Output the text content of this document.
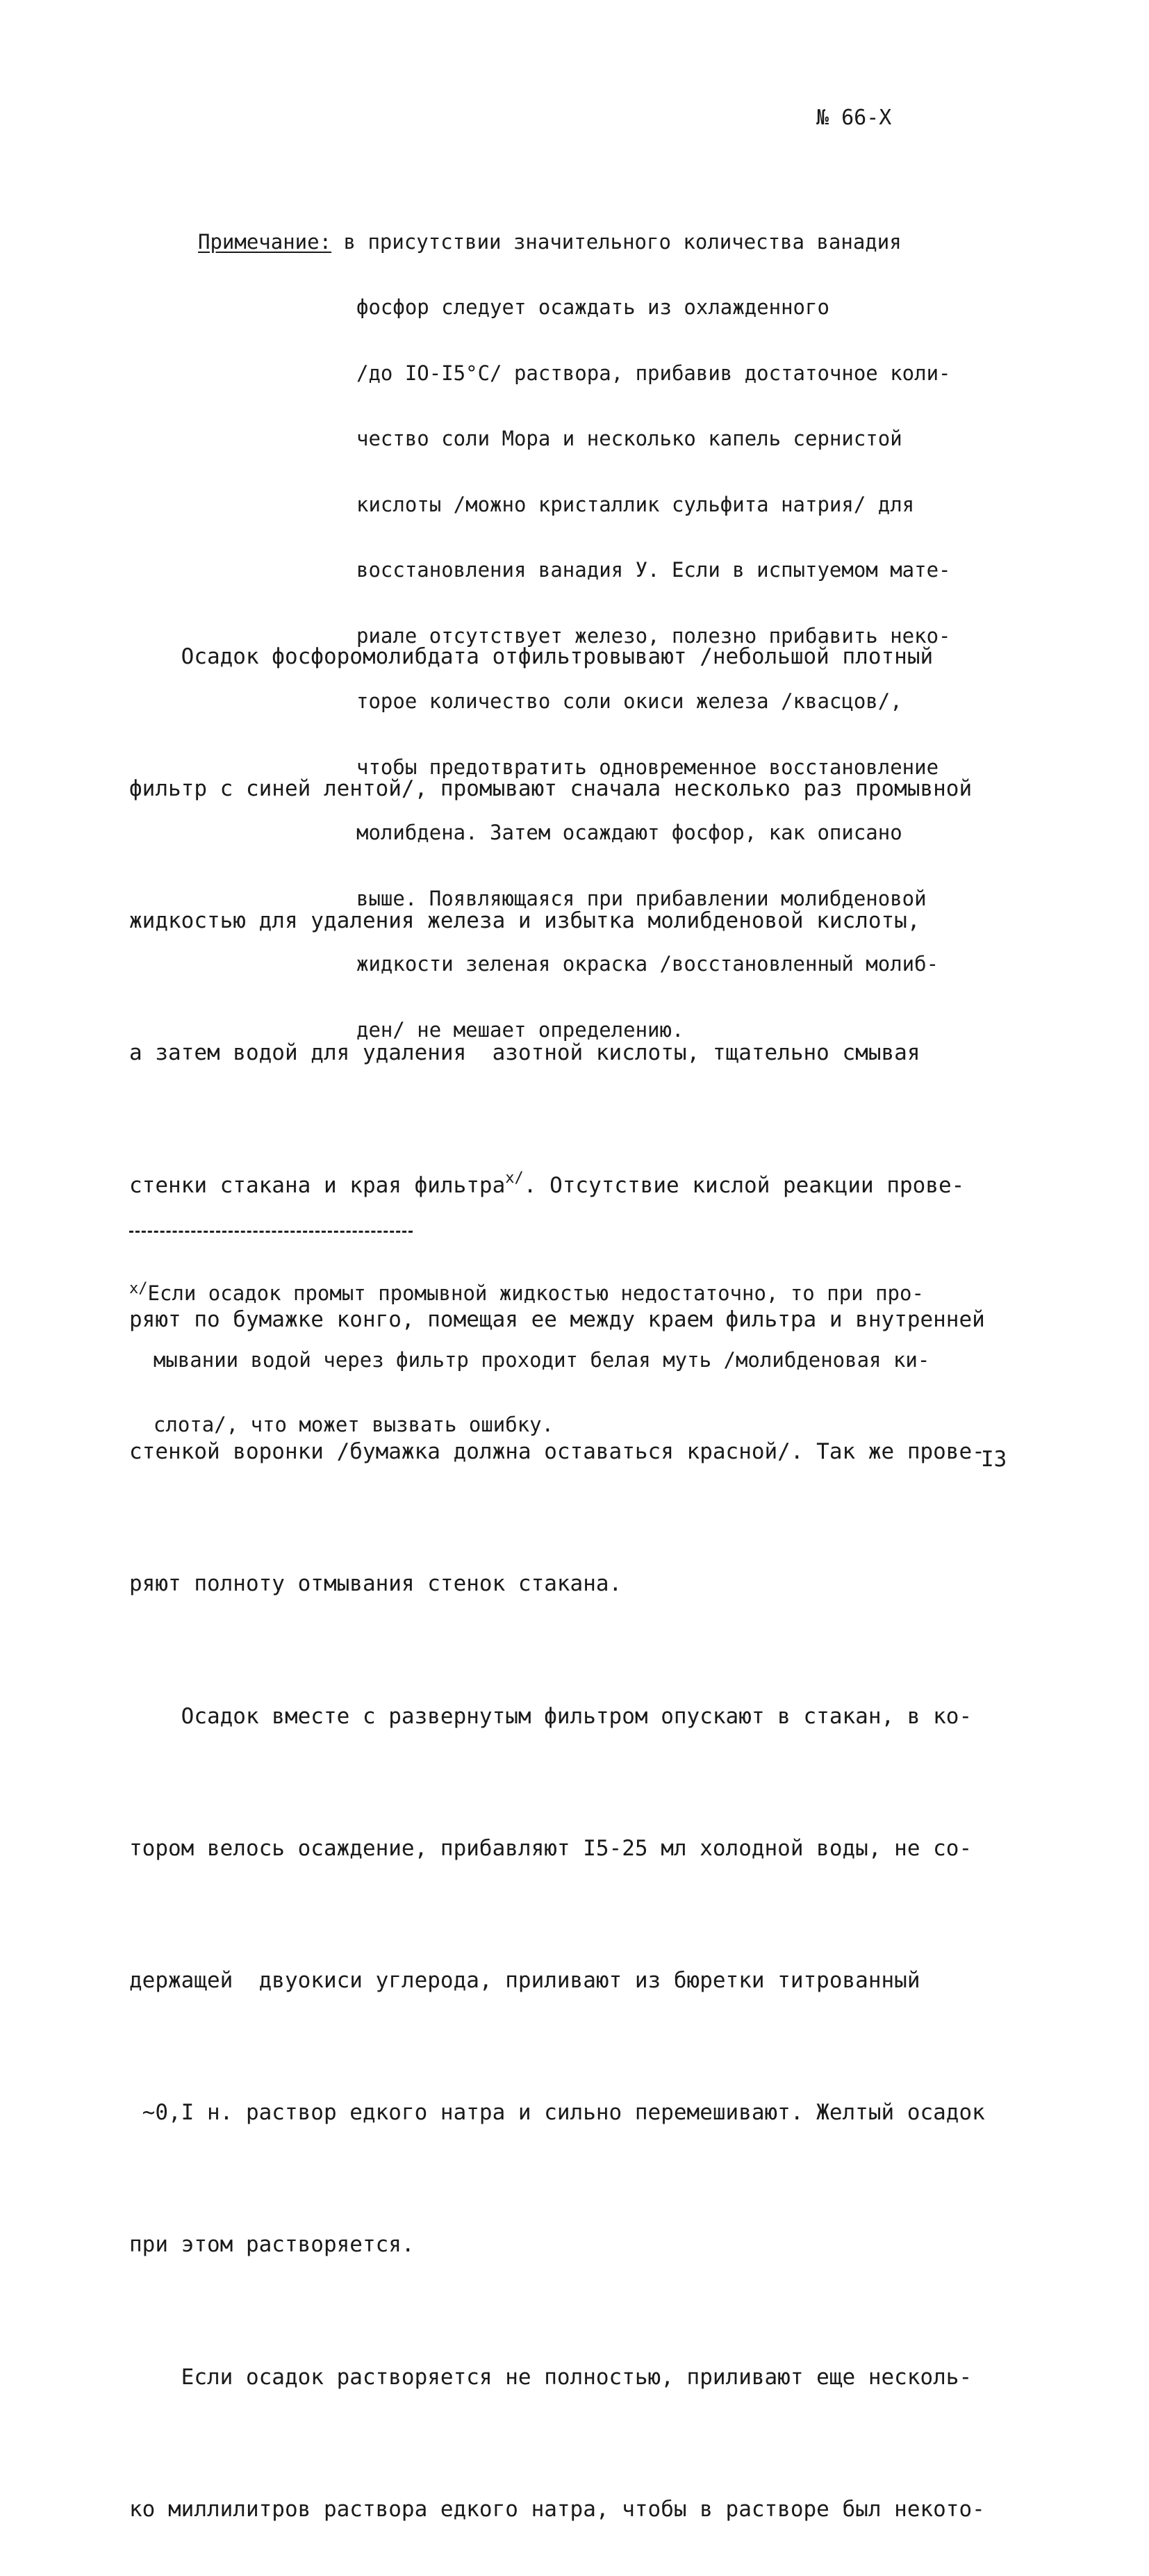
№ 66-Х
Примечание: в присутствии значительного количества ванадия

фосфор следует осаждать из охлажденного

/до IO-I5°С/ раствора, прибавив достаточное коли-

чество соли Мора и несколько капель сернистой

кислоты /можно кристаллик сульфита натрия/ для

восстановления ванадия У. Если в испытуемом мате-

риале отсутствует железо, полезно прибавить неко-

торое количество соли окиси железа /квасцов/,

чтобы предотвратить одновременное восстановление

молибдена. Затем осаждают фосфор, как описано

выше. Появляющаяся при прибавлении молибденовой

жидкости зеленая окраска /восстановленный молиб-

ден/ не мешает определению.

Осадок фосфоромолибдата отфильтровывают /небольшой плотный

фильтр с синей лентой/, промывают сначала несколько раз промывной

жидкостью для удаления железа и избытка молибденовой кислоты,

а затем водой для удаления  азотной кислоты, тщательно смывая

стенки стакана и края фильтра$^{х/}$. Отсутствие кислой реакции прове-

ряют по бумажке конго, помещая ее между краем фильтра и внутренней

стенкой воронки /бумажка должна оставаться красной/. Так же прове-

ряют полноту отмывания стенок стакана.

Осадок вместе с развернутым фильтром опускают в стакан, в ко-

тором велось осаждение, прибавляют I5-25 мл холодной воды, не со-

держащей  двуокиси углерода, приливают из бюретки титрованный

~0,I н. раствор едкого натра и сильно перемешивают. Желтый осадок

при этом растворяется.

Если осадок растворяется не полностью, приливают еще несколь-

ко миллилитров раствора едкого натра, чтобы в растворе был некото-

$^{х/}$Если осадок промыт промывной жидкостью недостаточно, то при про-

мывании водой через фильтр проходит белая муть /молибденовая ки-

слота/, что может вызвать ошибку.

I3
